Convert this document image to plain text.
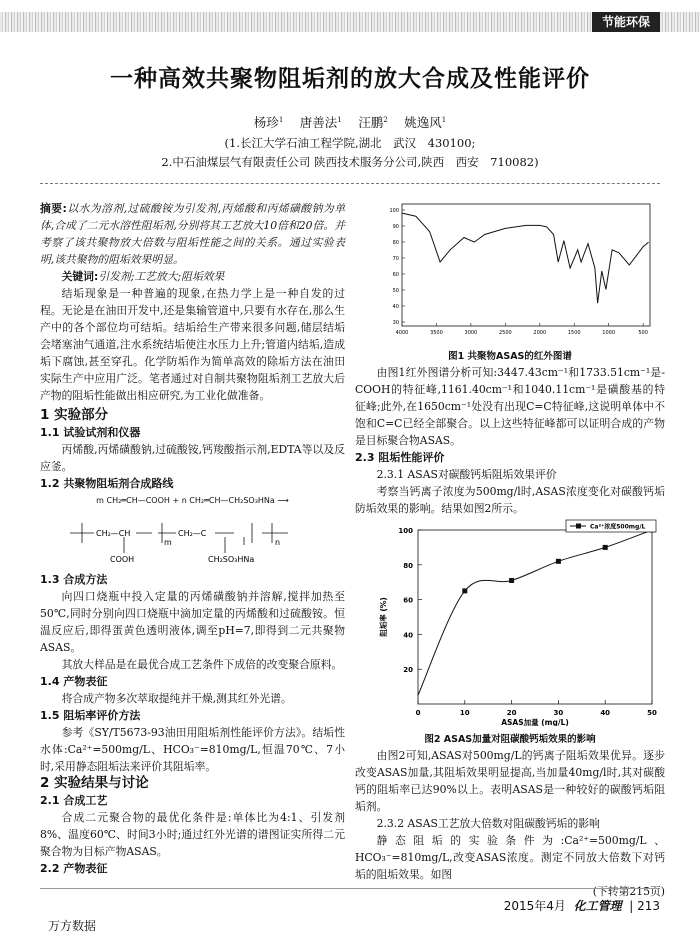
节能环保
一种高效共聚物阻垢剂的放大合成及性能评价
杨珍$^1$  唐善法$^1$  汪鹏$^2$  姚逸风$^1$
(1.长江大学石油工程学院,湖北　武汉　430100;
2.中石油煤层气有限责任公司 陕西技术服务分公司,陕西　西安　710082)

摘要:以水为溶剂,过硫酸铵为引发剂,丙烯酸和丙烯磺酸钠为单体,合成了二元水溶性阻垢剂,分别将其工艺放大10倍和20倍。并考察了该共聚物放大倍数与阻垢性能之间的关系。通过实验表明,该共聚物的阻垢效果明显。

关键词:引发剂;工艺放大;阻垢效果

结垢现象是一种普遍的现象,在热力学上是一种自发的过程。无论是在油田开发中,还是集输管道中,只要有水存在,那么生产中的各个部位均可结垢。结垢给生产带来很多问题,储层结垢会堵塞油气通道,注水系统结垢使注水压力上升;管道内结垢,造成垢下腐蚀,甚至穿孔。化学防垢作为简单高效的除垢方法在油田实际生产中应用广泛。笔者通过对自制共聚物阻垢剂工艺放大后产物的阻垢性能做出相应研究,为工业化做准备。

1 实验部分
1.1 试验试剂和仪器

丙烯酸,丙烯磺酸钠,过硫酸铵,钙羧酸指示剂,EDTA等以及反应釜。

1.2 共聚物阻垢剂合成路线
m CH₂═CH—COOH + n CH₂═CH—CH₂SO₃HNa ⟶
CH₂—CH	CH₂—C
m	n
COOH	CH₂SO₃HNa
1.3 合成方法

向四口烧瓶中投入定量的丙烯磺酸钠并溶解,搅拌加热至50℃,同时分别向四口烧瓶中滴加定量的丙烯酸和过硫酸铵。恒温反应后,即得蛋黄色透明液体,调至pH=7,即得到二元共聚物ASAS。

其放大样品是在最优合成工艺条件下成倍的改变聚合原料。

1.4 产物表征

将合成产物多次萃取提纯并干燥,测其红外光谱。

1.5 阻垢率评价方法

参考《SY/T5673-93油田用阻垢剂性能评价方法》。结垢性水体:Ca²⁺=500mg/L、HCO₃⁻=810mg/L,恒温70℃、7小时,采用静态阻垢法来评价其阻垢率。

2 实验结果与讨论
2.1 合成工艺

合成二元聚合物的最优化条件是:单体比为4:1、引发剂8%、温度60℃、时间3小时;通过红外光谱的谱图证实所得二元聚合物为目标产物ASAS。

2.2 产物表征
100
90
80
70
60
50
40
30
4000	3500	3000	2500	2000	1500	1000	500
图1 共聚物ASAS的红外图谱

由图1红外图谱分析可知:3447.43cm⁻¹和1733.51cm⁻¹是-COOH的特征峰,1161.40cm⁻¹和1040.11cm⁻¹是磺酸基的特征峰;此外,在1650cm⁻¹处没有出现C=C特征峰,这说明单体中不饱和C=C已经全部聚合。以上这些特征峰都可以证明合成的产物是目标聚合物ASAS。

2.3 阻垢性能评价

2.3.1 ASAS对碳酸钙垢阻垢效果评价

考察当钙离子浓度为500mg/l时,ASAS浓度变化对碳酸钙垢防垢效果的影响。结果如图2所示。

20
40
60
80
100
0	10	20	30	40	50
ASAS加量 (mg/L)
阻垢率 (%)
Ca²⁺浓度500mg/L
图2 ASAS加量对阻碳酸钙垢效果的影响

由图2可知,ASAS对500mg/L的钙离子阻垢效果优异。逐步改变ASAS加量,其阻垢效果明显提高,当加量40mg/l时,其对碳酸钙的阻垢率已达90%以上。表明ASAS是一种较好的碳酸钙垢阻垢剂。

2.3.2 ASAS工艺放大倍数对阻碳酸钙垢的影响

静态阻垢的实验条件为:Ca²⁺=500mg/L、HCO₃⁻=810mg/L,改变ASAS浓度。测定不同放大倍数下对钙垢的阻垢效果。如图

(下转第215页)
2015年4月 化工管理  | 213
万方数据
